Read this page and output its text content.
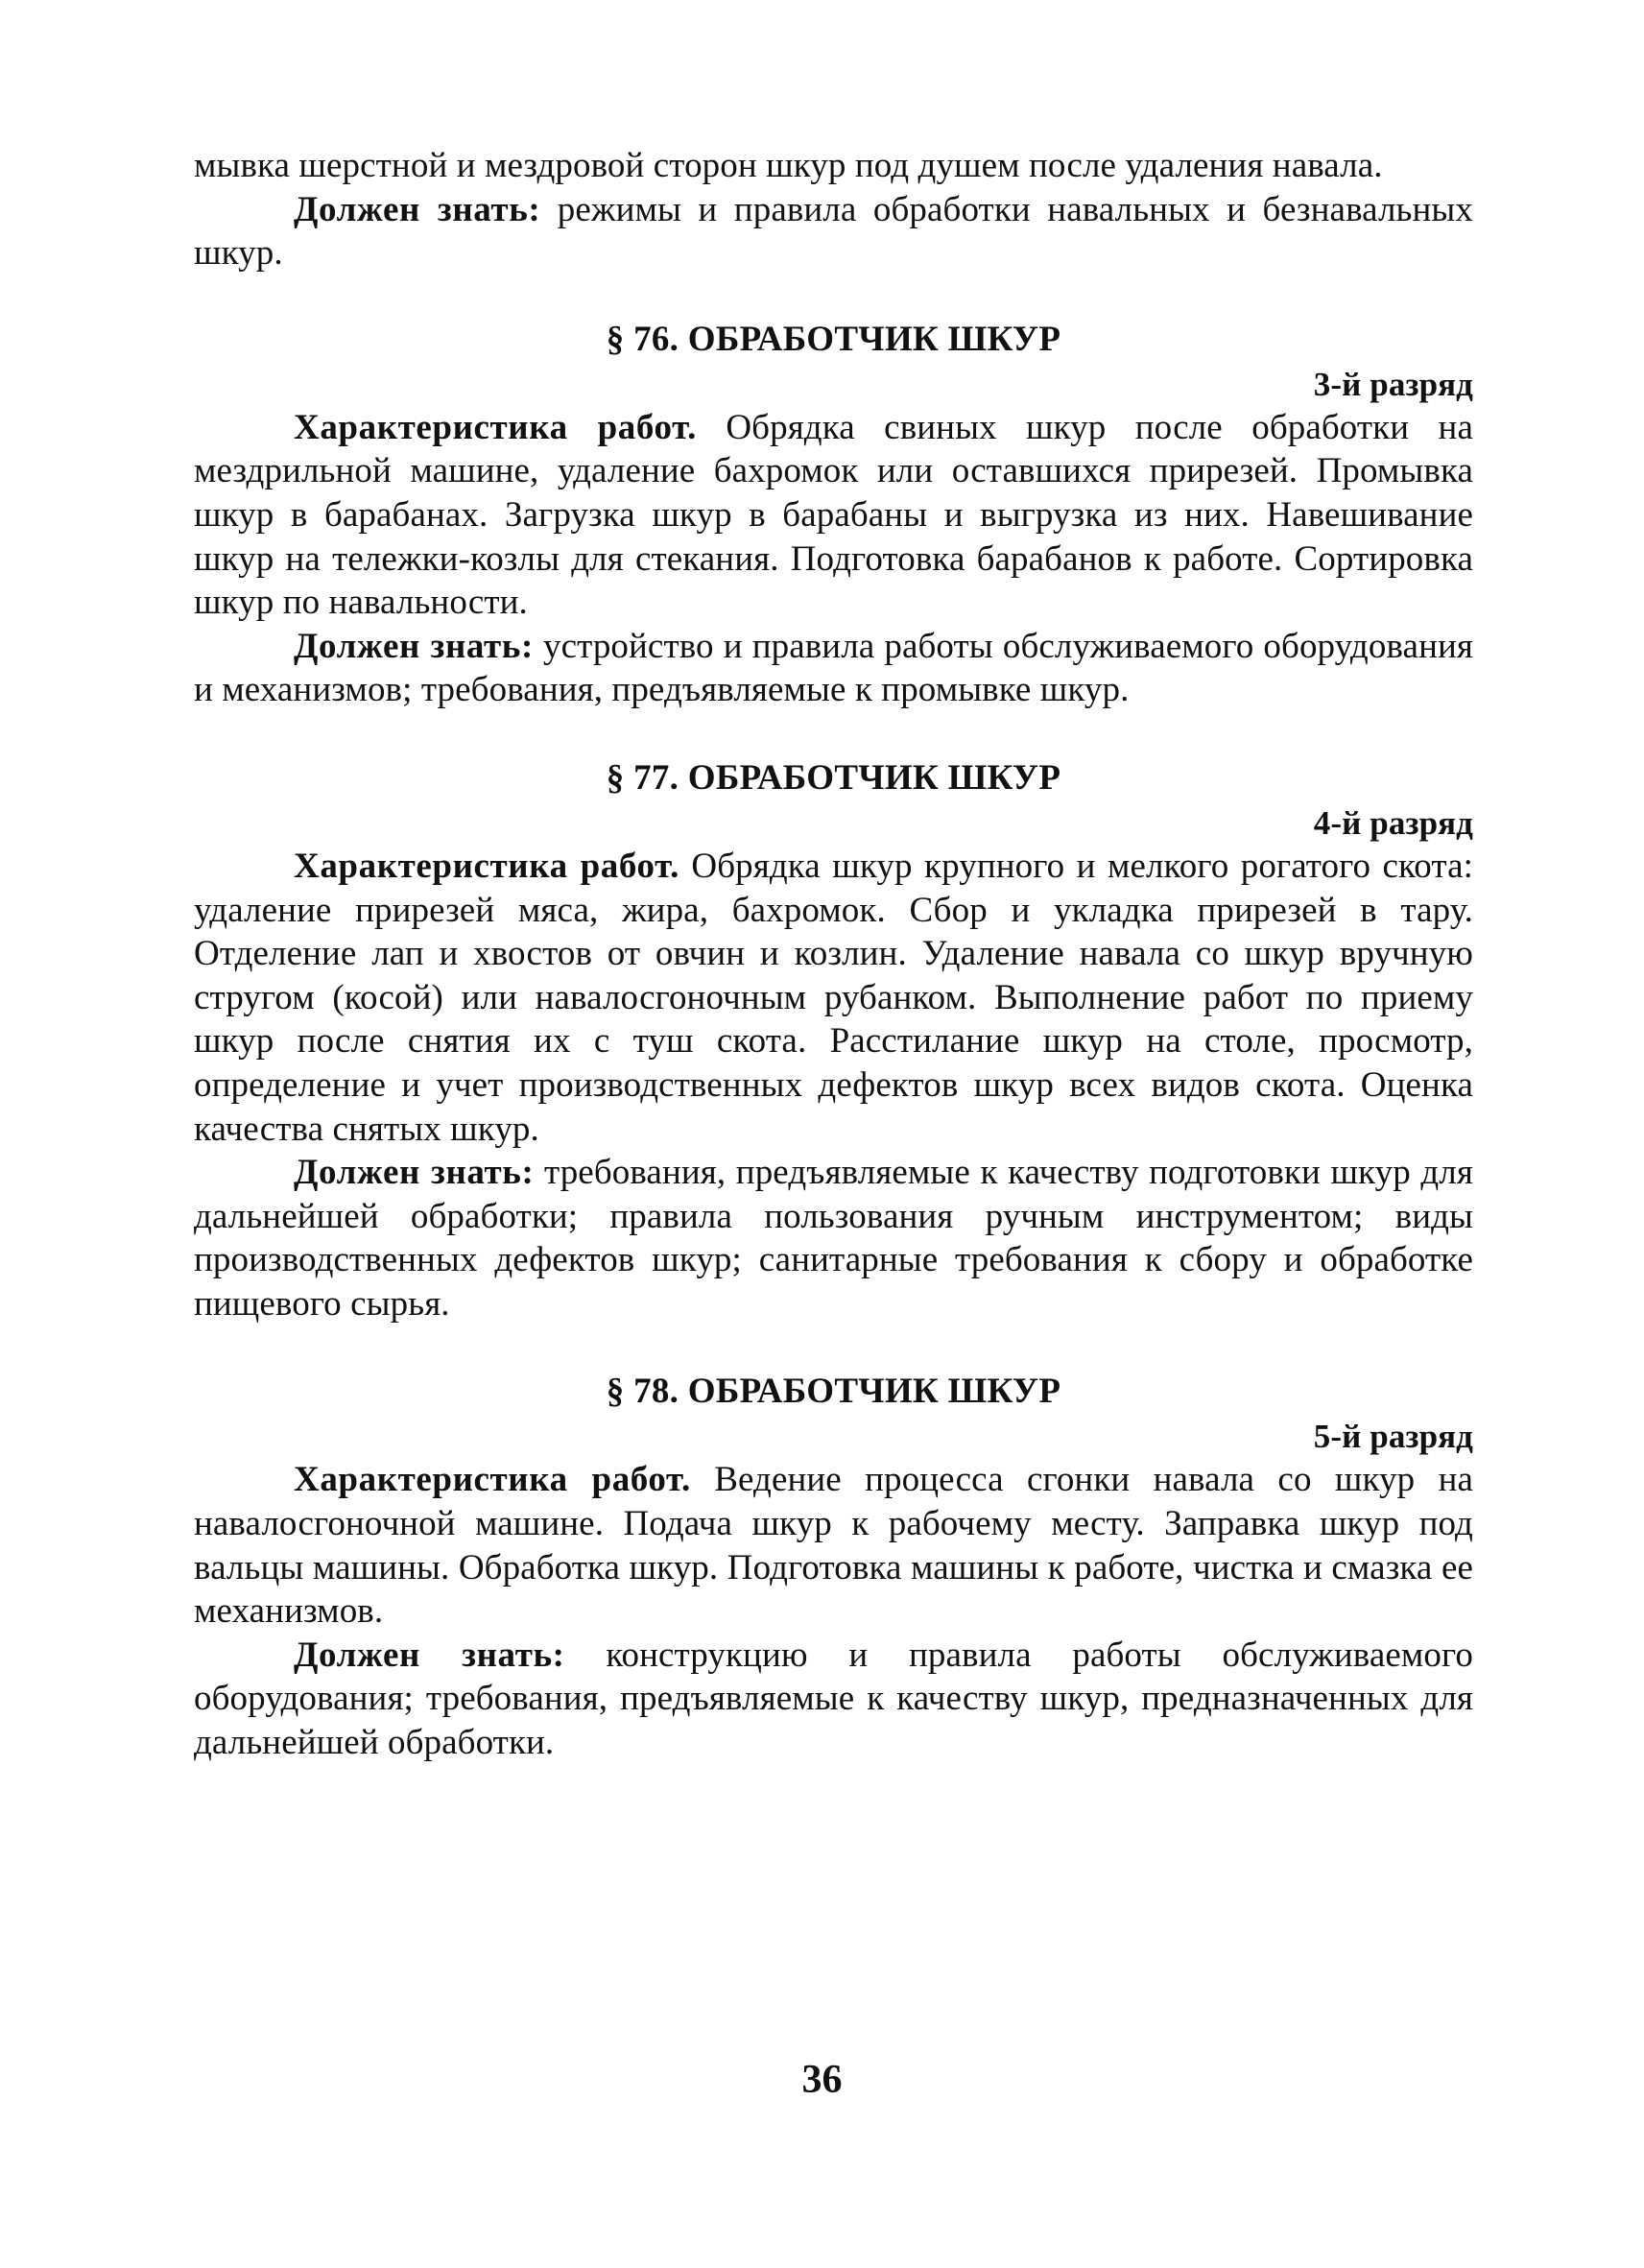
мывка шерстной и мездровой сторон шкур под душем после удаления навала.

Должен знать: режимы и правила обработки навальных и безнавальных шкур.

§ 76. ОБРАБОТЧИК ШКУР

3-й разряд

Характеристика работ. Обрядка свиных шкур после обработки на мездрильной машине, удаление бахромок или оставшихся прирезей. Промывка шкур в барабанах. Загрузка шкур в барабаны и выгрузка из них. Навешивание шкур на тележки-козлы для стекания. Подготовка барабанов к работе. Сортировка шкур по навальности.

Должен знать: устройство и правила работы обслуживаемого оборудования и механизмов; требования, предъявляемые к промывке шкур.

§ 77. ОБРАБОТЧИК ШКУР

4-й разряд

Характеристика работ. Обрядка шкур крупного и мелкого рогатого скота: удаление прирезей мяса, жира, бахромок. Сбор и укладка прирезей в тару. Отделение лап и хвостов от овчин и козлин. Удаление навала со шкур вручную стругом (косой) или навалосгоночным рубанком. Выполнение работ по приему шкур после снятия их с туш скота. Расстилание шкур на столе, просмотр, определение и учет производственных дефектов шкур всех видов скота. Оценка качества снятых шкур.

Должен знать: требования, предъявляемые к качеству подготовки шкур для дальнейшей обработки; правила пользования ручным инструментом; виды производственных дефектов шкур; санитарные требования к сбору и обработке пищевого сырья.

§ 78. ОБРАБОТЧИК ШКУР

5-й разряд

Характеристика работ. Ведение процесса сгонки навала со шкур на навалосгоночной машине. Подача шкур к рабочему месту. Заправка шкур под вальцы машины. Обработка шкур. Подготовка машины к работе, чистка и смазка ее механизмов.

Должен знать: конструкцию и правила работы обслуживаемого оборудования; требования, предъявляемые к качеству шкур, предназначенных для дальнейшей обработки.

36
